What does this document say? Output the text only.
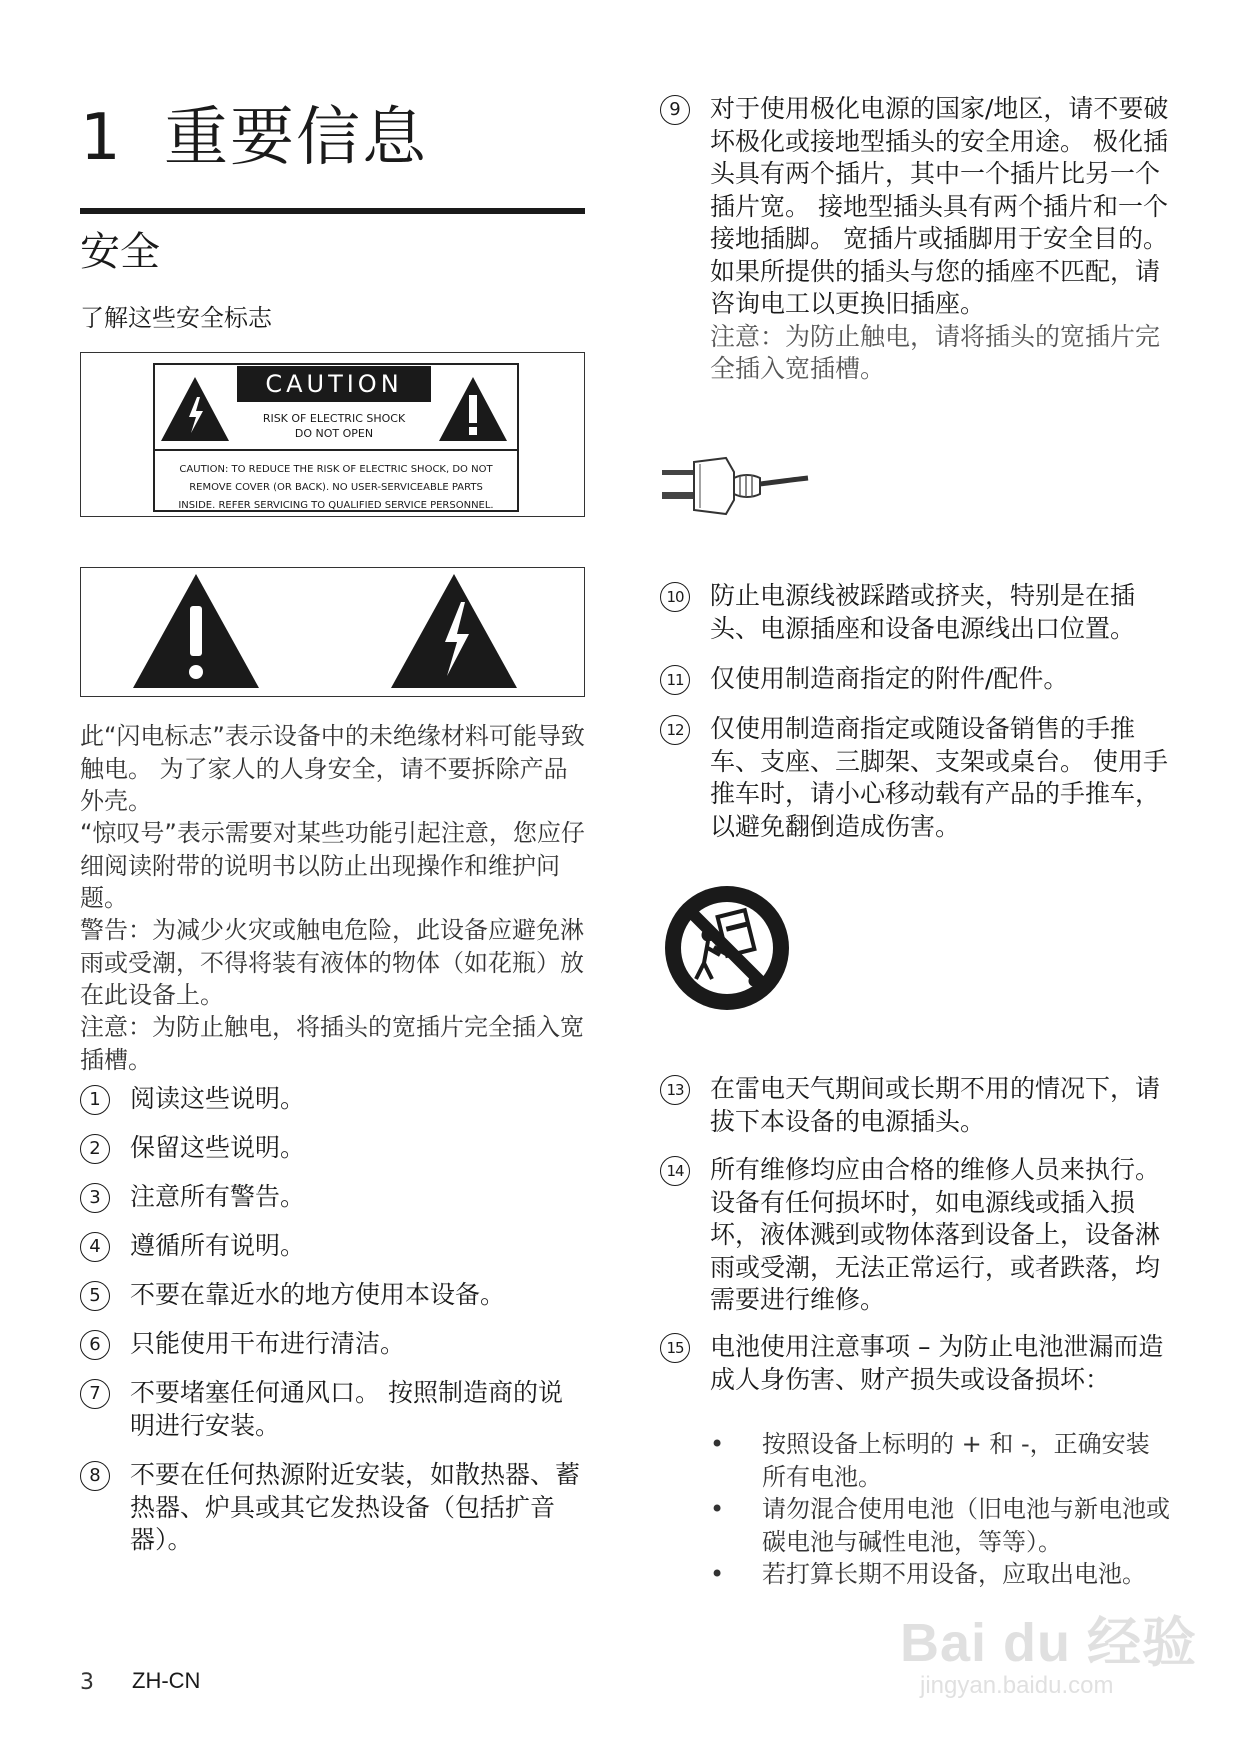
1 重要信息
安全
了解这些安全标志
CAUTION
RISK OF ELECTRIC SHOCK
DO NOT OPEN
CAUTION: TO REDUCE THE RISK OF ELECTRIC SHOCK, DO NOT
REMOVE COVER (OR BACK). NO USER-SERVICEABLE PARTS
INSIDE. REFER SERVICING TO QUALIFIED SERVICE PERSONNEL.
此“闪电标志”表示设备中的未绝缘材料可能导致触电。 为了家人的人身安全，请不要拆除产品外壳。
“惊叹号”表示需要对某些功能引起注意，您应仔细阅读附带的说明书以防止出现操作和维护问题。
警告：为减少火灾或触电危险，此设备应避免淋雨或受潮，不得将装有液体的物体（如花瓶）放在此设备上。
注意：为防止触电，将插头的宽插片完全插入宽插槽。
1	阅读这些说明。
2	保留这些说明。
3	注意所有警告。
4	遵循所有说明。
5	不要在靠近水的地方使用本设备。
6	只能使用干布进行清洁。
7	不要堵塞任何通风口。 按照制造商的说明进行安装。
8	不要在任何热源附近安装，如散热器、蓄热器、炉具或其它发热设备（包括扩音器）。
9	对于使用极化电源的国家/地区，请不要破坏极化或接地型插头的安全用途。 极化插头具有两个插片，其中一个插片比另一个插片宽。 接地型插头具有两个插片和一个接地插脚。 宽插片或插脚用于安全目的。 如果所提供的插头与您的插座不匹配，请咨询电工以更换旧插座。
注意：为防止触电，请将插头的宽插片完全插入宽插槽。
10 防止电源线被踩踏或挤夹，特别是在插头、电源插座和设备电源线出口位置。
11 仅使用制造商指定的附件/配件。
12 仅使用制造商指定或随设备销售的手推车、支座、三脚架、支架或桌台。 使用手推车时，请小心移动载有产品的手推车，以避免翻倒造成伤害。
13 在雷电天气期间或长期不用的情况下，请拔下本设备的电源插头。
14 所有维修均应由合格的维修人员来执行。 设备有任何损坏时，如电源线或插入损坏，液体溅到或物体落到设备上，设备淋雨或受潮，无法正常运行，或者跌落，均需要进行维修。
15 电池使用注意事项 – 为防止电池泄漏而造成人身伤害、财产损失或设备损坏：
• 按照设备上标明的 + 和 -，正确安装所有电池。
• 请勿混合使用电池（旧电池与新电池或碳电池与碱性电池，等等）。
• 若打算长期不用设备，应取出电池。
3 ZH-CN
Bai du 经验
jingyan.baidu.com
